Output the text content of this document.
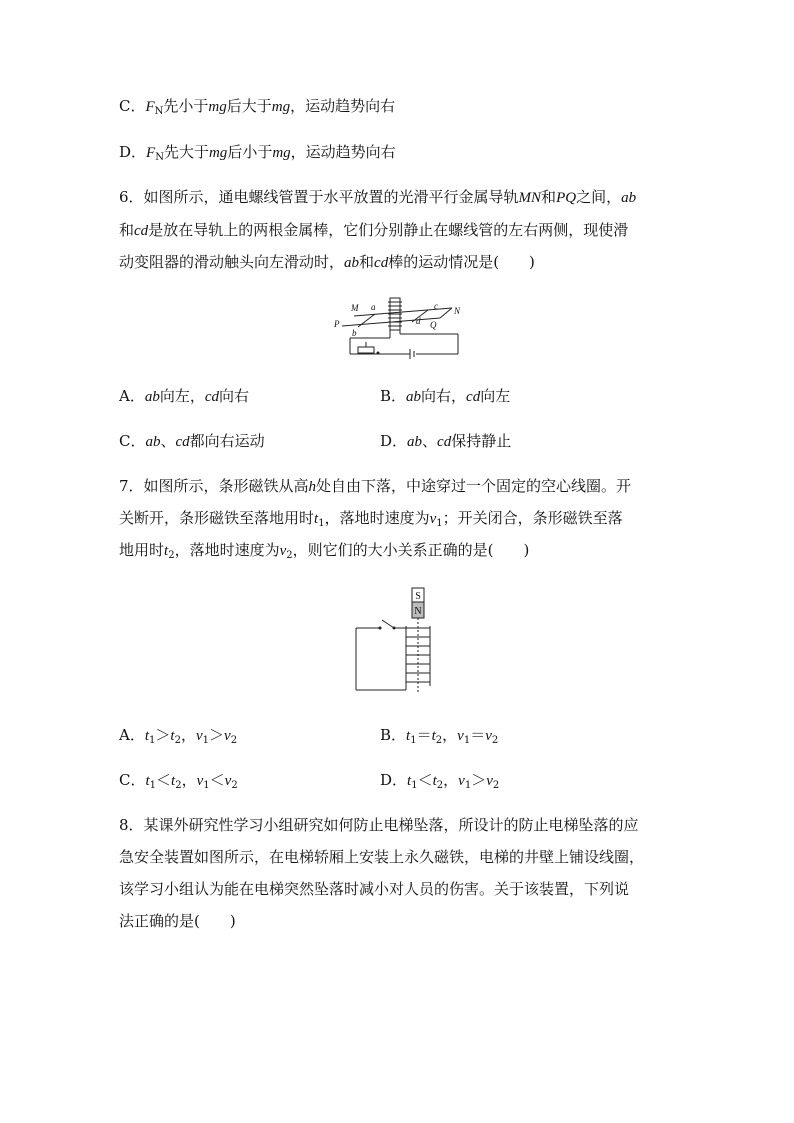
C．$F_N$先小于mg后大于mg，运动趋势向右
D．$F_N$先大于mg后小于mg，运动趋势向右
6．如图所示，通电螺线管置于水平放置的光滑平行金属导轨MN和PQ之间，ab
和cd是放在导轨上的两根金属棒，它们分别静止在螺线管的左右两侧，现使滑
动变阻器的滑动触头向左滑动时，ab和cd棒的运动情况是(　　)
M a	c N
P
b
d Q
A．ab向左，cd向右	B．ab向右，cd向左
C．ab、cd都向右运动	D．ab、cd保持静止
7．如图所示，条形磁铁从高h处自由下落，中途穿过一个固定的空心线圈。开
关断开，条形磁铁至落地用时$t_1$，落地时速度为$v_1$；开关闭合，条形磁铁至落
地用时$t_2$，落地时速度为$v_2$，则它们的大小关系正确的是(　　)
S
N
A．$t_1>t_2$，$v_1>v_2$	B．$t_1=t_2$，$v_1=v_2$
C．$t_1<t_2$，$v_1<v_2$	D．$t_1<t_2$，$v_1>v_2$
8．某课外研究性学习小组研究如何防止电梯坠落，所设计的防止电梯坠落的应
急安全装置如图所示，在电梯轿厢上安装上永久磁铁，电梯的井壁上铺设线圈，
该学习小组认为能在电梯突然坠落时减小对人员的伤害。关于该装置，下列说
法正确的是(　　)
